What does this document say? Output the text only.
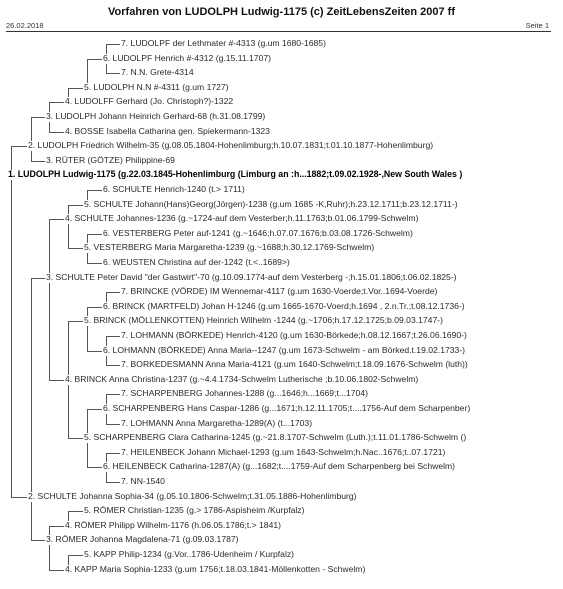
Vorfahren von LUDOLPH Ludwig-1175 (c) ZeitLebensZeiten 2007 ff
26.02.2018	Seite 1
7. LUDOLPF der Lethmater #-4313 (g.um 1680-1685)
6. LUDOLPF Henrich #-4312 (g.15.11.1707)
7. N.N. Grete-4314
5. LUDOLPH N.N #-4311 (g.um 1727)
4. LUDOLFF Gerhard (Jo. Christoph?)-1322
3. LUDOLPH Johann Heinrich Gerhard-68 (h.31.08.1799)
4. BOSSE Isabella Catharina gen. Spiekermann-1323
2. LUDOLPH Friedrich Wilhelm-35 (g.08.05.1804-Hohenlimburg;h.10.07.1831;t.01.10.1877-Hohenlimburg)
3. RÜTER (GÖTZE) Philippine-69
1. LUDOLPH Ludwig-1175 (g.22.03.1845-Hohenlimburg (Limburg an :h...1882;t.09.02.1928-,New South Wales )
6. SCHULTE Henrich-1240 (t.> 1711)
5. SCHULTE Johann(Hans)Georg(Jörgen)-1238 (g.um 1685 -K,Ruhr);h.23.12.1711;b.23.12.1711-)
4. SCHULTE Johannes-1236 (g.~1724-auf dem Vesterber;h.11.1763;b.01.06.1799-Schwelm)
6. VESTERBERG Peter auf-1241 (g.~1646;h.07.07.1676;b.03.08.1726-Schwelm)
5. VESTERBERG Maria Margaretha-1239 (g.~1688;h.30.12.1769-Schwelm)
6. WEUSTEN Christina auf der-1242 (t.<..1689>)
3. SCHULTE Peter David "der Gastwirt"-70 (g.10.09.1774-auf dem Vesterberg -;h.15.01.1806;t.06.02.1825-)
7. BRINCKE (VÖRDE) IM Wennemar-4117 (g.um 1630-Voerde;t.Vor..1694-Voerde)
6. BRINCK (MARTFELD) Johan H-1246 (g.um 1665-1670-Voerd;h.1694 , 2.n.Tr.;t.08.12.1736-)
5. BRINCK (MÖLLENKOTTEN) Heinrich Wilhelm -1244 (g.~1706;h.17.12.1725;b.09.03.1747-)
7. LOHMANN (BÖRKEDE) Henrich-4120 (g.um 1630-Börkede;h.08.12.1667;t.26.06.1690-)
6. LOHMANN (BÖRKEDE) Anna Maria--1247 (g.um 1673-Schwelm - am Börked.t.19.02.1733-)
7. BORKEDESMANN Anna Maria-4121 (g.um 1640-Schwelm;t.18.09.1676-Schwelm (luth))
4. BRINCK Anna Christina-1237 (g.~4.4.1734-Schwelm Lutherische ;b.10.06.1802-Schwelm)
7. SCHARPENBERG Johannes-1288 (g...1646;h...1669;t...1704)
6. SCHARPENBERG Hans Caspar-1286 (g...1671;h.12.11.1705;t....1756-Auf dem Scharpenber)
7. LOHMANN Anna Margaretha-1289(A) (t...1703)
5. SCHARPENBERG Clara Catharina-1245 (g.~21.8.1707-Schwelm (Luth.);t.11.01.1786-Schwelm ()
7. HEILENBECK Johann Michael-1293 (g.um 1643-Schwelm;h.Nac..1676;t..07.1721)
6. HEILENBECK Catharina-1287(A) (g...1682;t....1759-Auf dem Scharpenberg bei Schwelm)
7. NN-1540
2. SCHULTE Johanna Sophia-34 (g.05.10.1806-Schwelm;t.31.05.1886-Hohenlimburg)
5. RÖMER Christian-1235 (g.> 1786-Aspisheim /Kurpfalz)
4. RÖMER Philipp Wilhelm-1176 (h.06.05.1786;t.> 1841)
3. RÖMER Johanna Magdalena-71 (g.09.03.1787)
5. KAPP Philip-1234 (g.Vor..1786-Udenheim / Kurpfalz)
4. KAPP Maria Sophia-1233 (g.um 1756;t.18.03.1841-Möllenkotten - Schwelm)
